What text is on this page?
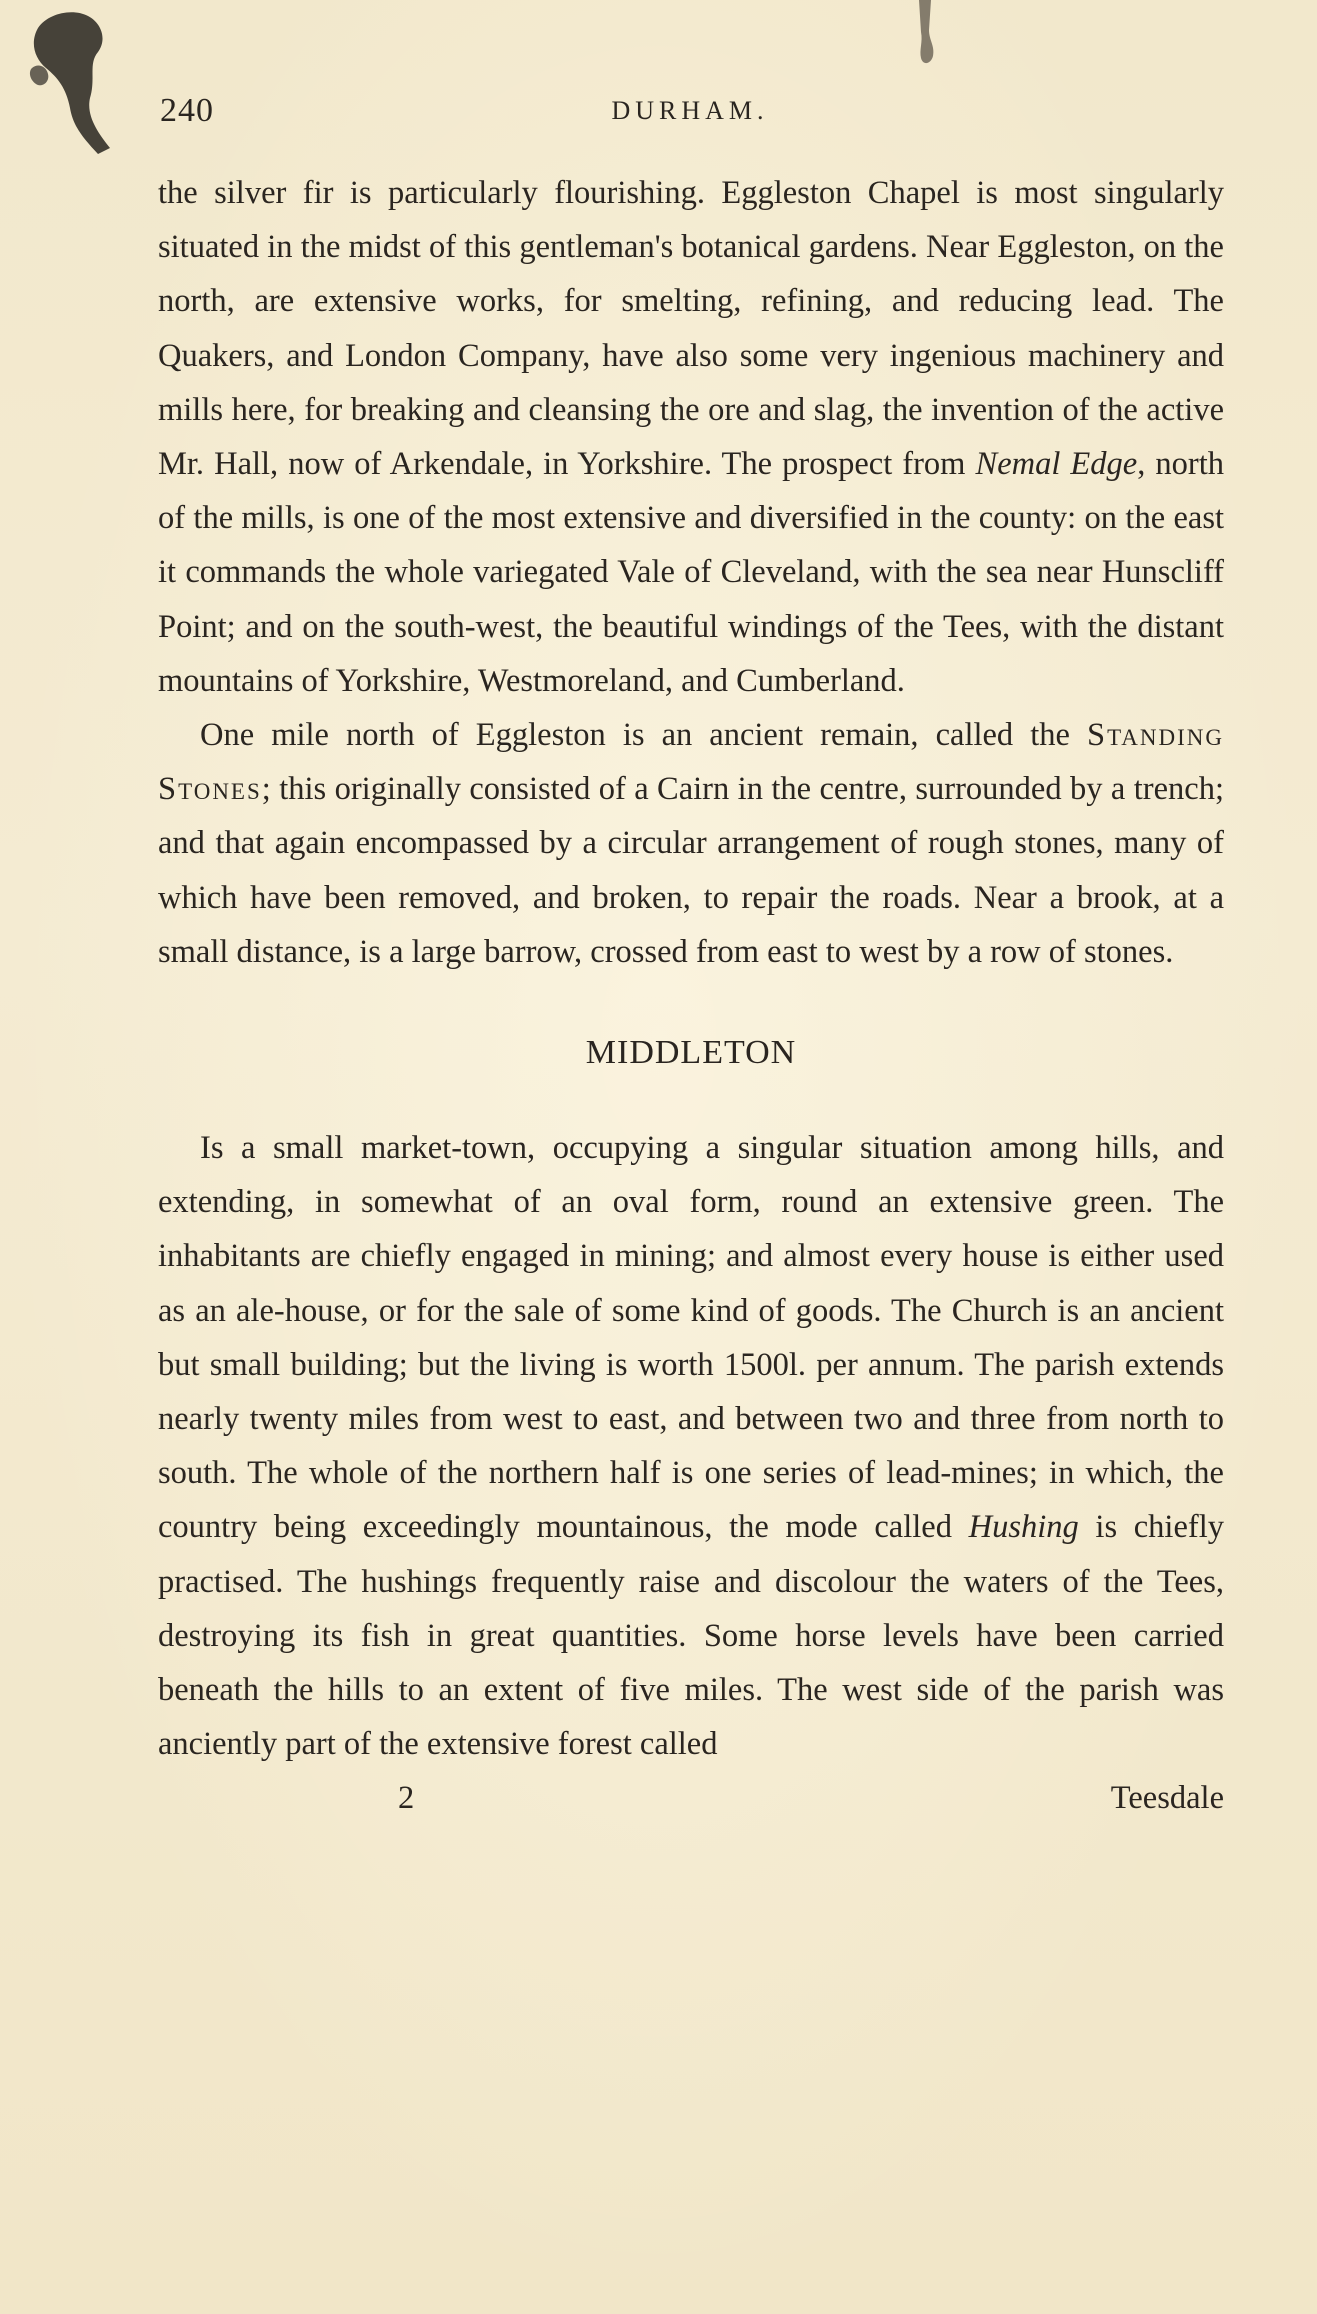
240	DURHAM.

the silver fir is particularly flourishing. Eggleston Chapel is most singularly situated in the midst of this gentleman's botanical gardens. Near Eggleston, on the north, are extensive works, for smelting, refining, and reducing lead. The Quakers, and London Company, have also some very ingenious machinery and mills here, for breaking and cleansing the ore and slag, the invention of the active Mr. Hall, now of Arkendale, in Yorkshire. The prospect from Nemal Edge, north of the mills, is one of the most extensive and diversified in the county: on the east it commands the whole variegated Vale of Cleveland, with the sea near Hunscliff Point; and on the south-west, the beautiful windings of the Tees, with the distant mountains of Yorkshire, Westmoreland, and Cumberland.

One mile north of Eggleston is an ancient remain, called the Standing Stones; this originally consisted of a Cairn in the centre, surrounded by a trench; and that again encompassed by a circular arrangement of rough stones, many of which have been removed, and broken, to repair the roads. Near a brook, at a small distance, is a large barrow, crossed from east to west by a row of stones.

MIDDLETON

Is a small market-town, occupying a singular situation among hills, and extending, in somewhat of an oval form, round an extensive green. The inhabitants are chiefly engaged in mining; and almost every house is either used as an ale-house, or for the sale of some kind of goods. The Church is an ancient but small building; but the living is worth 1500l. per annum. The parish extends nearly twenty miles from west to east, and between two and three from north to south. The whole of the northern half is one series of lead-mines; in which, the country being exceedingly mountainous, the mode called Hushing is chiefly practised. The hushings frequently raise and discolour the waters of the Tees, destroying its fish in great quantities. Some horse levels have been carried beneath the hills to an extent of five miles. The west side of the parish was anciently part of the extensive forest called

2	Teesdale
